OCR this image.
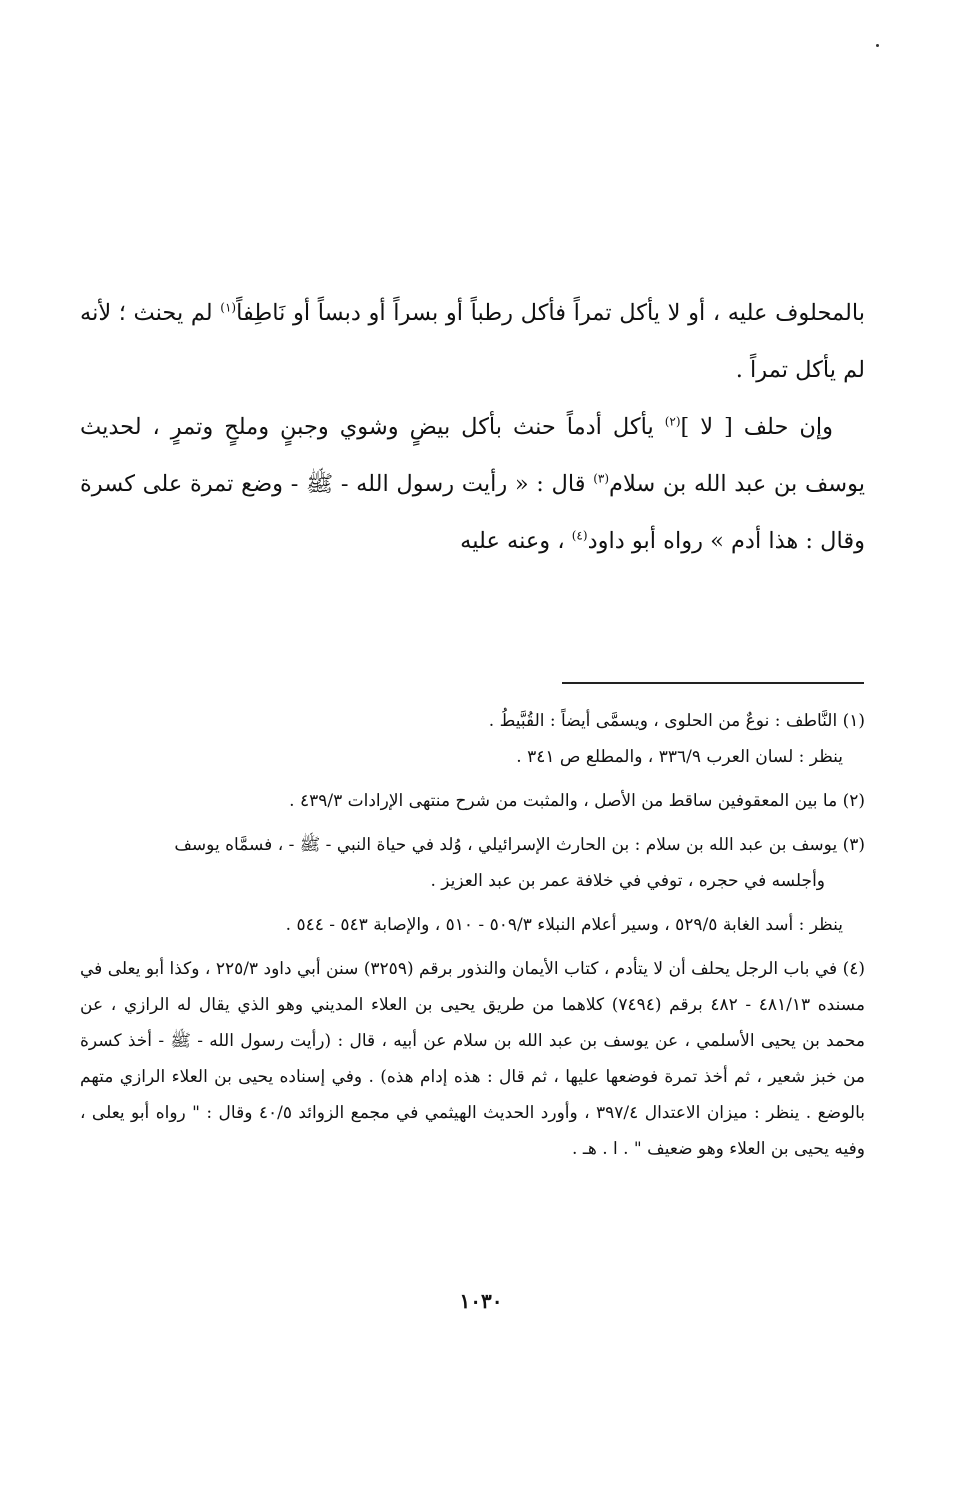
بالمحلوف عليه ، أو لا يأكل تمراً فأكل رطباً أو بسراً أو دبساً أو نَاطِفاً$^{(١)}$ لم يحنث ؛ لأنه لم يأكل تمراً .

وإن حلف [ لا ]$^{(٢)}$ يأكل أدماً حنث بأكل بيضٍ وشوي وجبنٍ وملحٍ وتمرٍ ، لحديث يوسف بن عبد الله بن سلام$^{(٣)}$ قال : « رأيت رسول الله - ﷺ - وضع تمرة على كسرة وقال : هذا أدم » رواه أبو داود$^{(٤)}$ ، وعنه عليه

(١) النَّاطف : نوعٌ من الحلوى ، ويسمَّى أيضاً : القُبَّيطُ .

ينظر : لسان العرب ٣٣٦/٩ ، والمطلع ص ٣٤١ .

(٢) ما بين المعقوفين ساقط من الأصل ، والمثبت من شرح منتهى الإرادات ٤٣٩/٣ .

(٣) يوسف بن عبد الله بن سلام : بن الحارث الإسرائيلي ، وُلد في حياة النبي - ﷺ - ، فسمَّاه يوسف

وأجلسه في حجره ، توفي في خلافة عمر بن عبد العزيز .

ينظر : أسد الغابة ٥٢٩/٥ ، وسير أعلام النبلاء ٥٠٩/٣ - ٥١٠ ، والإصابة ٥٤٣ - ٥٤٤ .

(٤) في باب الرجل يحلف أن لا يتأدم ، كتاب الأيمان والنذور برقم (٣٢٥٩) سنن أبي داود ٢٢٥/٣ ، وكذا أبو يعلى في مسنده ٤٨١/١٣ - ٤٨٢ برقم (٧٤٩٤) كلاهما من طريق يحيى بن العلاء المديني وهو الذي يقال له الرازي ، عن محمد بن يحيى الأسلمي ، عن يوسف بن عبد الله بن سلام عن أبيه ، قال : (رأيت رسول الله - ﷺ - أخذ كسرة من خبز شعير ، ثم أخذ تمرة فوضعها عليها ، ثم قال : هذه إدام هذه) . وفي إسناده يحيى بن العلاء الرازي متهم بالوضع . ينظر : ميزان الاعتدال ٣٩٧/٤ ، وأورد الحديث الهيثمي في مجمع الزوائد ٤٠/٥ وقال : " رواه أبو يعلى ، وفيه يحيى بن العلاء وهو ضعيف " . ا . هـ .

١٠٣٠
